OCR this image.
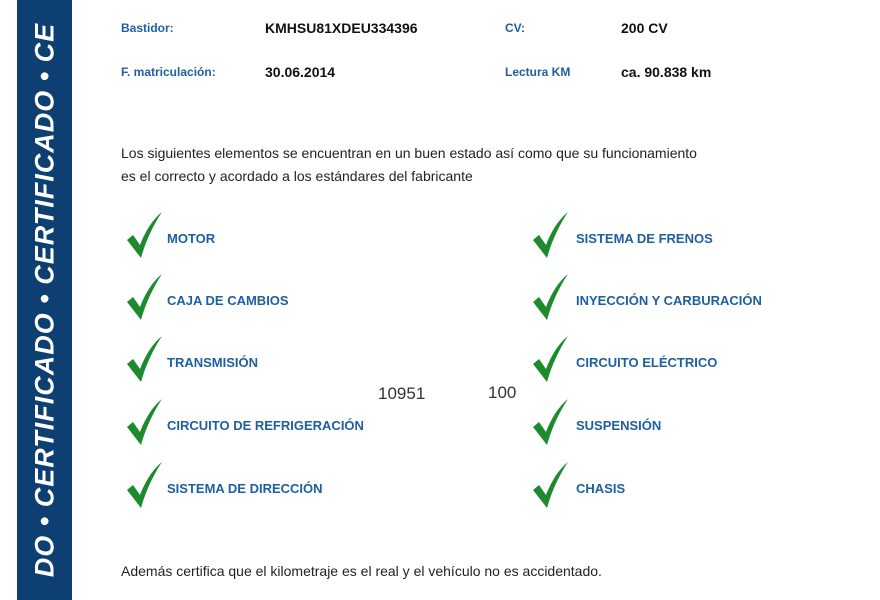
DO • CERTIFICADO • CERTIFICADO • CE	Bastidor:	KMHSU81XDEU334396	CV:	200 CV
F. matriculación:	30.06.2014	Lectura KM	ca. 90.838 km
Los siguientes elementos se encuentran en un buen estado así como que su funcionamiento
es el correcto y acordado a los estándares del fabricante
MOTOR
CAJA DE CAMBIOS
TRANSMISIÓN
CIRCUITO DE REFRIGERACIÓN
SISTEMA DE DIRECCIÓN
SISTEMA DE FRENOS
INYECCIÓN Y CARBURACIÓN
CIRCUITO ELÉCTRICO
SUSPENSIÓN
CHASIS
10951	100
Además certifica que el kilometraje es el real y el vehículo no es accidentado.
